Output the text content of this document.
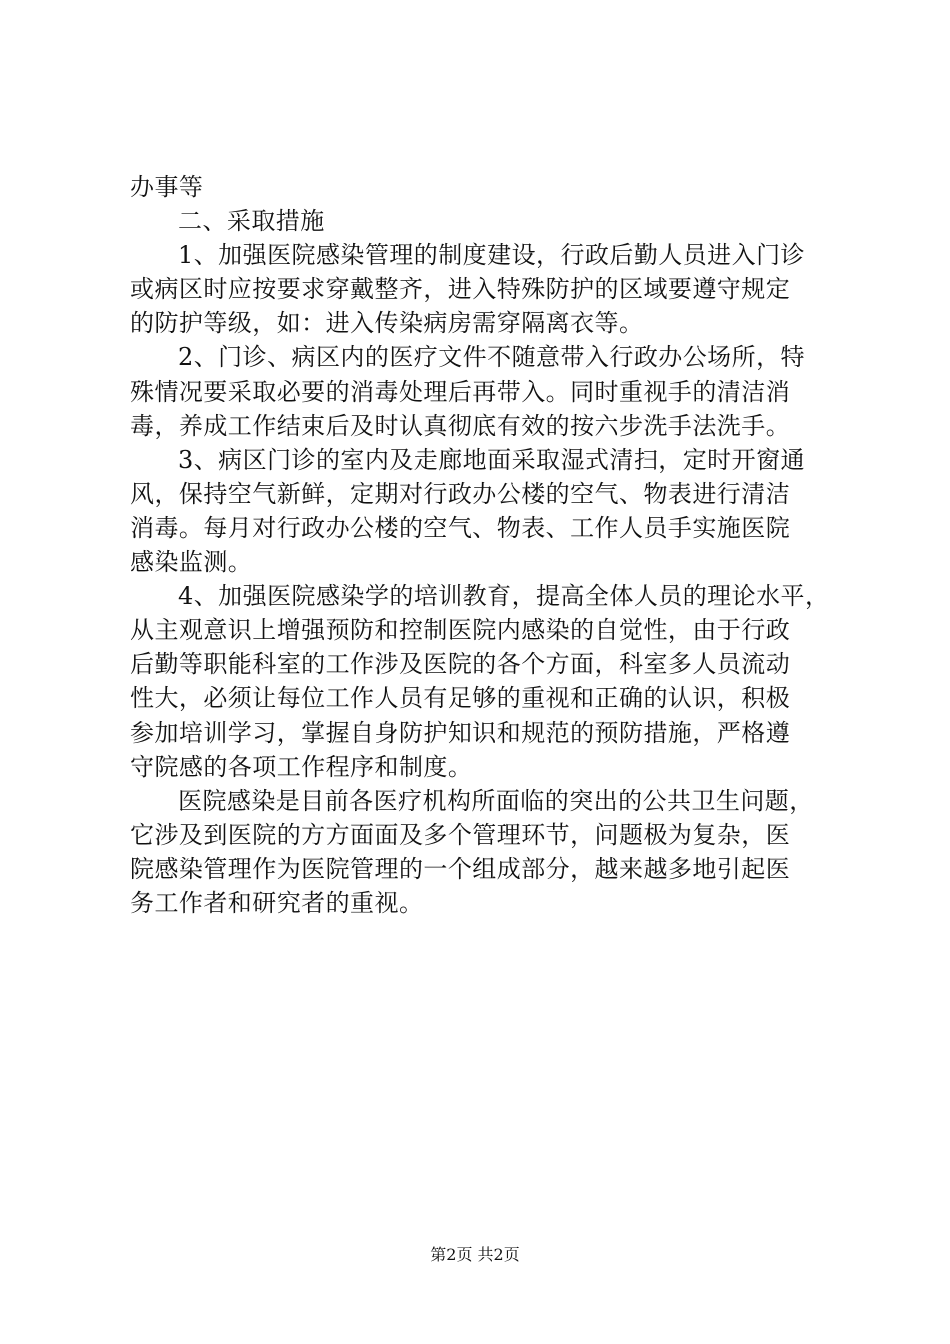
办事等
二、采取措施
1、加强医院感染管理的制度建设，行政后勤人员进入门诊
或病区时应按要求穿戴整齐，进入特殊防护的区域要遵守规定
的防护等级，如：进入传染病房需穿隔离衣等。
2、门诊、病区内的医疗文件不随意带入行政办公场所，特
殊情况要采取必要的消毒处理后再带入。同时重视手的清洁消
毒，养成工作结束后及时认真彻底有效的按六步洗手法洗手。
3、病区门诊的室内及走廊地面采取湿式清扫，定时开窗通
风，保持空气新鲜，定期对行政办公楼的空气、物表进行清洁
消毒。每月对行政办公楼的空气、物表、工作人员手实施医院
感染监测。
4、加强医院感染学的培训教育，提高全体人员的理论水平，
从主观意识上增强预防和控制医院内感染的自觉性，由于行政
后勤等职能科室的工作涉及医院的各个方面，科室多人员流动
性大，必须让每位工作人员有足够的重视和正确的认识，积极
参加培训学习，掌握自身防护知识和规范的预防措施，严格遵
守院感的各项工作程序和制度。
医院感染是目前各医疗机构所面临的突出的公共卫生问题，
它涉及到医院的方方面面及多个管理环节，问题极为复杂，医
院感染管理作为医院管理的一个组成部分，越来越多地引起医
务工作者和研究者的重视。
第2页 共2页
